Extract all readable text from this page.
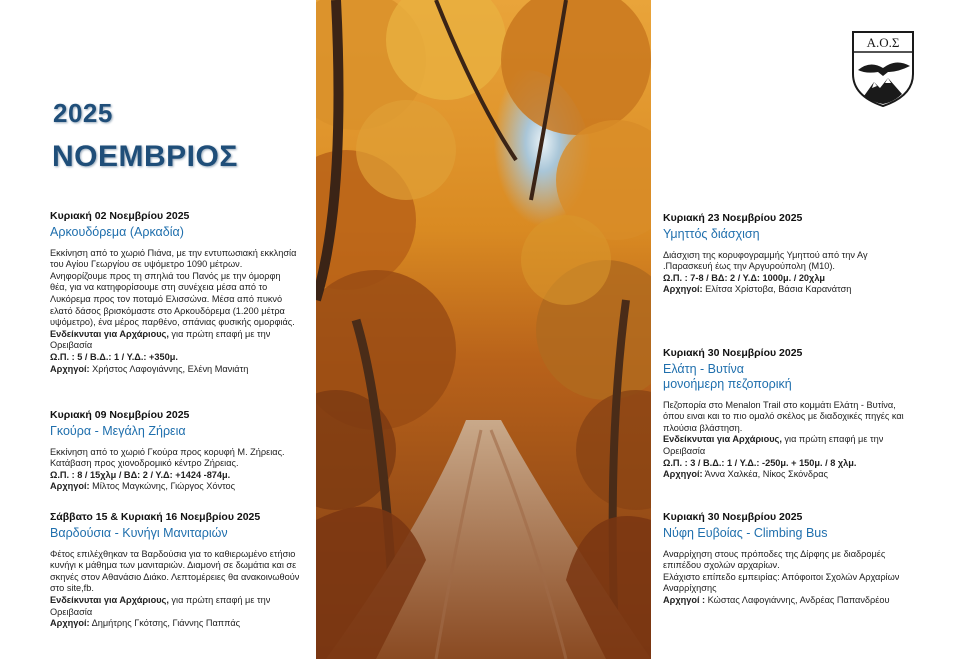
2025
ΝΟΕΜΒΡΙΟΣ
Κυριακή 02 Νοεμβρίου 2025
Αρκουδόρεμα (Αρκαδία)

Εκκίνηση από το χωριό Πιάνα, με την εντυπωσιακή εκκλησία του Αγίου Γεωργίου σε υψόμετρο 1090 μέτρων. Ανηφορίζουμε προς τη σπηλιά του Πανός με την όμορφη θέα, για να κατηφορίσουμε στη συνέχεια μέσα από το Λυκόρεμα προς τον ποταμό Ελισσώνα. Μέσα από πυκνό ελατό δάσος βρισκόμαστε στο Αρκουδόρεμα (1.200 μέτρα υψόμετρο), ένα μέρος παρθένο, σπάνιας φυσικής ομορφιάς.

Ενδείκνυται για Αρχάριους, για πρώτη επαφή με την Ορειβασία

Ω.Π. : 5 / Β.Δ.: 1 / Υ.Δ.: +350μ.

Αρχηγοί: Χρήστος Λαφογιάννης, Ελένη Μανιάτη

Κυριακή 09 Νοεμβρίου 2025
Γκούρα - Μεγάλη Ζήρεια

Εκκίνηση από το χωριό Γκούρα προς κορυφή Μ. Ζήρειας. Κατάβαση προς χιονοδρομικό κέντρο Ζήρειας.

Ω.Π. : 8 / 15χλμ / ΒΔ: 2 / Υ.Δ: +1424 -874μ.

Αρχηγοί: Μίλτος Μαγκώνης, Γιώργος Χόντος

Σάββατο 15 & Κυριακή 16 Νοεμβρίου 2025
Βαρδούσια - Κυνήγι Μανιταριών

Φέτος επιλέχθηκαν τα Βαρδούσια για το καθιερωμένο ετήσιο κυνήγι κ μάθημα των μανιταριών. Διαμονή σε δωμάτια και σε σκηνές στον Αθανάσιο Διάκο. Λεπτομέρειες θα ανακοινωθούν στο site,fb.

Ενδείκνυται για Αρχάριους, για πρώτη επαφή με την Ορειβασία

Αρχηγοί: Δημήτρης Γκότσης, Γιάννης Παππάς

Κυριακή 23 Νοεμβρίου 2025
Υμηττός διάσχιση

Διάσχιση της κορυφογραμμής Υμηττού από την Αγ .Παρασκευή έως την Αργυρούπολη (Μ10).

Ω.Π. : 7-8 / ΒΔ: 2 / Υ.Δ: 1000μ. / 20χλμ

Αρχηγοί: Ελίτσα Χρίστοβα, Βάσια Καρανάτση

Κυριακή 30 Νοεμβρίου 2025
Ελάτη - Βυτίνα
μονοήμερη πεζοπορική

Πεζοπορία στο Menalon Trail στο κομμάτι Ελάτη - Βυτίνα, όπου ειναι και το πιο ομαλό σκέλος με διαδοχικές πηγές και πλούσια βλάστηση.

Ενδείκνυται για Αρχάριους, για πρώτη επαφή με την Ορειβασία

Ω.Π. : 3 / Β.Δ.: 1 / Υ.Δ.: -250μ. + 150μ. / 8 χλμ.

Αρχηγοί: Άννα Χαλκέα, Νίκος Σκόνδρας

Κυριακή 30 Νοεμβρίου 2025
Νύφη Ευβοίας - Climbing Bus

Αναρρίχηση στους πρόποδες της Δίρφης με διαδρομές επιπέδου σχολών αρχαρίων.

Ελάχιστο επίπεδο εμπειρίας: Απόφοιτοι Σχολών Αρχαρίων Αναρρίχησης

Αρχηγοί : Κώστας Λαφογιάννης, Ανδρέας Παπανδρέου

Α.Ο.Σ
